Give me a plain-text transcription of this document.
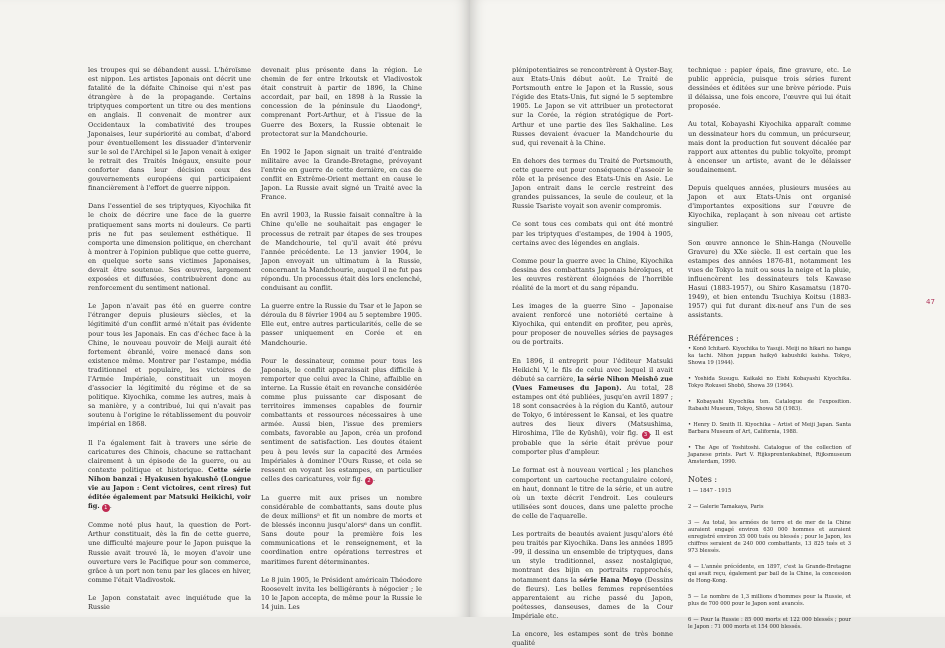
les troupes qui se débandent aussi. L'héroïsme est nippon. Les artistes Japonais ont décrit une fatalité de la défaite Chinoise qui n'est pas étrangère à de la propagande. Certains triptyques comportent un titre ou des mentions en anglais. Il convenait de montrer aux Occidentaux la combativité des troupes Japonaises, leur supériorité au combat, d'abord pour éventuellement les dissuader d'intervenir sur le sol de l'Archipel si le Japon venait à exiger le retrait des Traités Inégaux, ensuite pour conforter dans leur décision ceux des gouvernements européens qui participaient financièrement à l'effort de guerre nippon.

Dans l'essentiel de ses triptyques, Kiyochika fit le choix de décrire une face de la guerre pratiquement sans morts ni douleurs. Ce parti pris ne fut pas seulement esthétique. Il comporta une dimension politique, en cherchant à montrer à l'opinion publique que cette guerre, en quelque sorte sans victimes Japonaises, devait être soutenue. Ses œuvres, largement exposées et diffusées, contribuèrent donc au renforcement du sentiment national.

Le Japon n'avait pas été en guerre contre l'étranger depuis plusieurs siècles, et la légitimité d'un conflit armé n'était pas évidente pour tous les Japonais. En cas d'échec face à la Chine, le nouveau pouvoir de Meiji aurait été fortement ébranlé, voire menacé dans son existence même. Montrer par l'estampe, média traditionnel et populaire, les victoires de l'Armée Impériale, constituait un moyen d'associer la légitimité du régime et de sa politique. Kiyochika, comme les autres, mais à sa manière, y a contribué, lui qui n'avait pas soutenu à l'origine le rétablissement du pouvoir impérial en 1868.

Il l'a également fait à travers une série de caricatures des Chinois, chacune se rattachant clairement à un épisode de la guerre, ou au contexte politique et historique. Cette série Nihon banzai : Hyakusen hyakushō (Longue vie au Japon : Cent victoires, cent rires) fut éditée également par Matsuki Heikichi, voir fig. 1 .

Comme noté plus haut, la question de Port-Arthur constituait, dès la fin de cette guerre, une difficulté majeure pour le Japon puisque la Russie avait trouvé là, le moyen d'avoir une ouverture vers le Pacifique pour son commerce, grâce à un port non tenu par les glaces en hiver, comme l'était Vladivostok.

Le Japon constatait avec inquiétude que la Russie

devenait plus présente dans la région. Le chemin de fer entre Irkoutsk et Vladivostok était construit à partir de 1896, la Chine accordait, par bail, en 1898 à la Russie la concession de la péninsule du Liaodong⁴, comprenant Port-Arthur, et à l'issue de la Guerre des Boxers, la Russie obtenait le protectorat sur la Mandchourie.

En 1902 le Japon signait un traité d'entraide militaire avec la Grande-Bretagne, prévoyant l'entrée en guerre de cette dernière, en cas de conflit en Extrême-Orient mettant en cause le Japon. La Russie avait signé un Traité avec la France.

En avril 1903, la Russie faisait connaître à la Chine qu'elle ne souhaitait pas engager le processus de retrait par étapes de ses troupes de Mandchourie, tel qu'il avait été prévu l'année précédente. Le 13 janvier 1904, le Japon envoyait un ultimatum à la Russie, concernant la Mandchourie, auquel il ne fut pas répondu. Un processus était dès lors enclenché, conduisant au conflit.

La guerre entre la Russie du Tsar et le Japon se déroula du 8 février 1904 au 5 septembre 1905. Elle eut, entre autres particularités, celle de se passer uniquement en Corée et en Mandchourie.

Pour le dessinateur, comme pour tous les Japonais, le conflit apparaissait plus difficile à remporter que celui avec la Chine, affaiblie en interne. La Russie était en revanche considérée comme plus puissante car disposant de territoires immenses capables de fournir combattants et ressources nécessaires à une armée. Aussi bien, l'issue des premiers combats, favorable au Japon, créa un profond sentiment de satisfaction. Les doutes étaient peu à peu levés sur la capacité des Armées Impériales à dominer l'Ours Russe, et cela se ressent en voyant les estampes, en particulier celles des caricatures, voir fig. 2 .

La guerre mit aux prises un nombre considérable de combattants, sans doute plus de deux millions⁵ et fit un nombre de morts et de blessés inconnu jusqu'alors⁶ dans un conflit. Sans doute pour la première fois les communications et le renseignement, et la coordination entre opérations terrestres et maritimes furent déterminantes.

Le 8 juin 1905, le Président américain Théodore Roosevelt invita les belligérants à négocier ; le 10 le Japon accepta, de même pour la Russie le 14 juin. Les

plénipotentiaires se rencontrèrent à Oyster-Bay, aux Etats-Unis début août. Le Traité de Portsmouth entre le Japon et la Russie, sous l'égide des Etats-Unis, fut signé le 5 septembre 1905. Le Japon se vit attribuer un protectorat sur la Corée, la région stratégique de Port-Arthur et une partie des îles Sakhaline. Les Russes devaient évacuer la Mandchourie du sud, qui revenait à la Chine.

En dehors des termes du Traité de Portsmouth, cette guerre eut pour conséquence d'asseoir le rôle et la présence des Etats-Unis en Asie. Le Japon entrait dans le cercle restreint des grandes puissances, la seule de couleur, et la Russie Tsariste voyait son avenir compromis.

Ce sont tous ces combats qui ont été montré par les triptyques d'estampes, de 1904 à 1905, certains avec des légendes en anglais.

Comme pour la guerre avec la Chine, Kiyochika dessina des combattants Japonais héroïques, et les œuvres restèrent éloignées de l'horrible réalité de la mort et du sang répandu.

Les images de la guerre Sino – Japonaise avaient renforcé une notoriété certaine à Kiyochika, qui entendit en profiter, peu après, pour proposer de nouvelles séries de paysages ou de portraits.

En 1896, il entreprit pour l'éditeur Matsuki Heikichi V, le fils de celui avec lequel il avait débuté sa carrière, la série Nihon Meishō zue (Vues Fameuses du Japon). Au total, 28 estampes ont été publiées, jusqu'en avril 1897 ; 18 sont consacrées à la région du Kantō, autour de Tokyo, 6 intéressent le Kansai, et les quatre autres des lieux divers (Matsushima, Hiroshima, l'île de Kyūshū), voir fig. 3 . Il est probable que la série était prévue pour comporter plus d'ampleur.

Le format est à nouveau vertical ; les planches comportent un cartouche rectangulaire coloré, en haut, donnant le titre de la série, et un autre où un texte décrit l'endroit. Les couleurs utilisées sont douces, dans une palette proche de celle de l'aquarelle.

Les portraits de beautés avaient jusqu'alors été peu traités par Kiyochika. Dans les années 1895 -99, il dessina un ensemble de triptyques, dans un style traditionnel, assez nostalgique, montrant des bijin en portraits rapprochés, notamment dans la série Hana Moyo (Dessins de fleurs). Les belles femmes représentées apparentaient au riche passé du Japon, poétesses, danseuses, dames de la Cour Impériale etc.

La encore, les estampes sont de très bonne qualité

technique : papier épais, fine gravure, etc. Le public apprécia, puisque trois séries furent dessinées et éditées sur une brève période. Puis il délaissa, une fois encore, l'œuvre qui lui était proposée.

Au total, Kobayashi Kiyochika apparaît comme un dessinateur hors du commun, un précurseur, mais dont la production fut souvent décalée par rapport aux attentes du public tokyoïte, prompt à encenser un artiste, avant de le délaisser soudainement.

Depuis quelques années, plusieurs musées au Japon et aux Etats-Unis ont organisé d'importantes expositions sur l'œuvre de Kiyochika, replaçant à son niveau cet artiste singulier.

Son œuvre annonce le Shin-Hanga (Nouvelle Gravure) du XXe siècle. Il est certain que les estampes des années 1876-81, notamment les vues de Tokyo la nuit ou sous la neige et la pluie, influencèrent les dessinateurs tels Kawase Hasui (1883-1957), ou Shiro Kasamatsu (1870-1949), et bien entendu Tsuchiya Koitsu (1883-1957) qui fut durant dix-neuf ans l'un de ses assistants.

Références :

• Konō Ichitarō. Kiyochika to Yasuji. Meiji no hikari no hanga ka tachi. Nihon juppan haikyō kabushiki kaisha. Tokyo, Showa 19 (1944).

• Yoshida Susugu. Kaikaki no Eishi Kobayashi Kiyochika. Tokyo Rokusei Shobō, Showa 39 (1964).

• Kobayashi Kiyochika ten. Catalogue de l'exposition. Itabashi Museum, Tokyo, Showa 58 (1983).

• Henry D. Smith II. Kiyochika – Artist of Meiji Japan. Santa Barbara Museum of Art, California, 1988.

• The Age of Yoshitoshi. Catalogue of the collection of Japanese prints. Part V. Rijksprentenkabinet, Rijksmuseum Amsterdam, 1990.

Notes :

1 — 1847 - 1915

2 — Galerie Tamakaya, Paris

3 — Au total, les armées de terre et de mer de la Chine auraient engagé environ 630 000 hommes et auraient enregistré environ 35 000 tués ou blessés ; pour le Japon, les chiffres seraient de 240 000 combattants, 13 825 tués et 3 973 blessés.

4 — L'année précédente, en 1897, c'est la Grande-Bretagne qui avait reçu, également par bail de la Chine, la concession de Hong-Kong.

5 — Le nombre de 1,3 millions d'hommes pour la Russie, et plus de 700 000 pour le Japon sont avancés.

6 — Pour la Russie : 85 000 morts et 122 000 blessés ; pour le Japon : 71 000 morts et 154 000 blessés.

47
